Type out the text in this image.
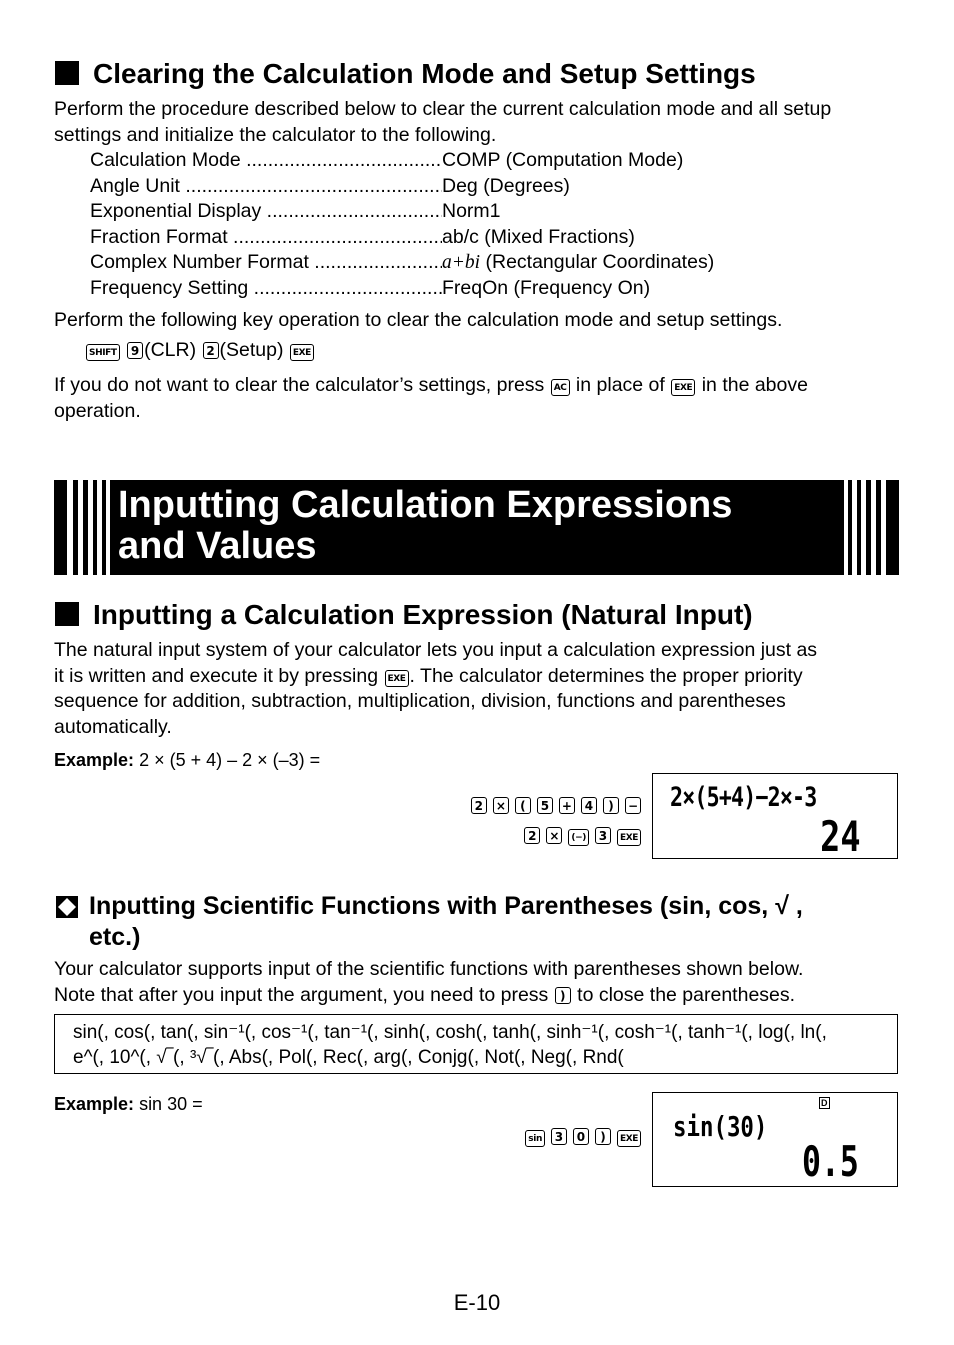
Clearing the Calculation Mode and Setup Settings
Perform the procedure described below to clear the current calculation mode and all setup
settings and initialize the calculator to the following.
Calculation Mode .....	COMP (Computation Mode)
Angle Unit .....	Deg (Degrees)
Exponential Display .....	Norm1
Fraction Format .....	ab/c (Mixed Fractions)
Complex Number Format .....	a+bi (Rectangular Coordinates)
Frequency Setting .....	FreqOn (Frequency On)
Perform the following key operation to clear the calculation mode and setup settings.
SHIFT 9 (CLR) 2 (Setup) EXE
If you do not want to clear the calculator’s settings, press AC in place of EXE in the above
operation.
Inputting Calculation Expressions
and Values
Inputting a Calculation Expression (Natural Input)
The natural input system of your calculator lets you input a calculation expression just as
it is written and execute it by pressing EXE . The calculator determines the proper priority
sequence for addition, subtraction, multiplication, division, functions and parentheses
automatically.
Example: 2 × (5 + 4) – 2 × (–3) =
2 × ( 5 + 4 ) −
2 × (−) 3 EXE
2×(5+4)−2×-3
24
Inputting Scientific Functions with Parentheses (sin, cos, √ ,
etc.)
Your calculator supports input of the scientific functions with parentheses shown below.
Note that after you input the argument, you need to press ) to close the parentheses.
sin(, cos(, tan(, sin⁻¹(, cos⁻¹(, tan⁻¹(, sinh(, cosh(, tanh(, sinh⁻¹(, cosh⁻¹(, tanh⁻¹(, log(, ln(,
e^(, 10^(, √‾(, ³√‾(, Abs(, Pol(, Rec(, arg(, Conjg(, Not(, Neg(, Rnd(
Example: sin 30 =
sin 3 0 ) EXE
D
sin(30)
0.5
E-10
